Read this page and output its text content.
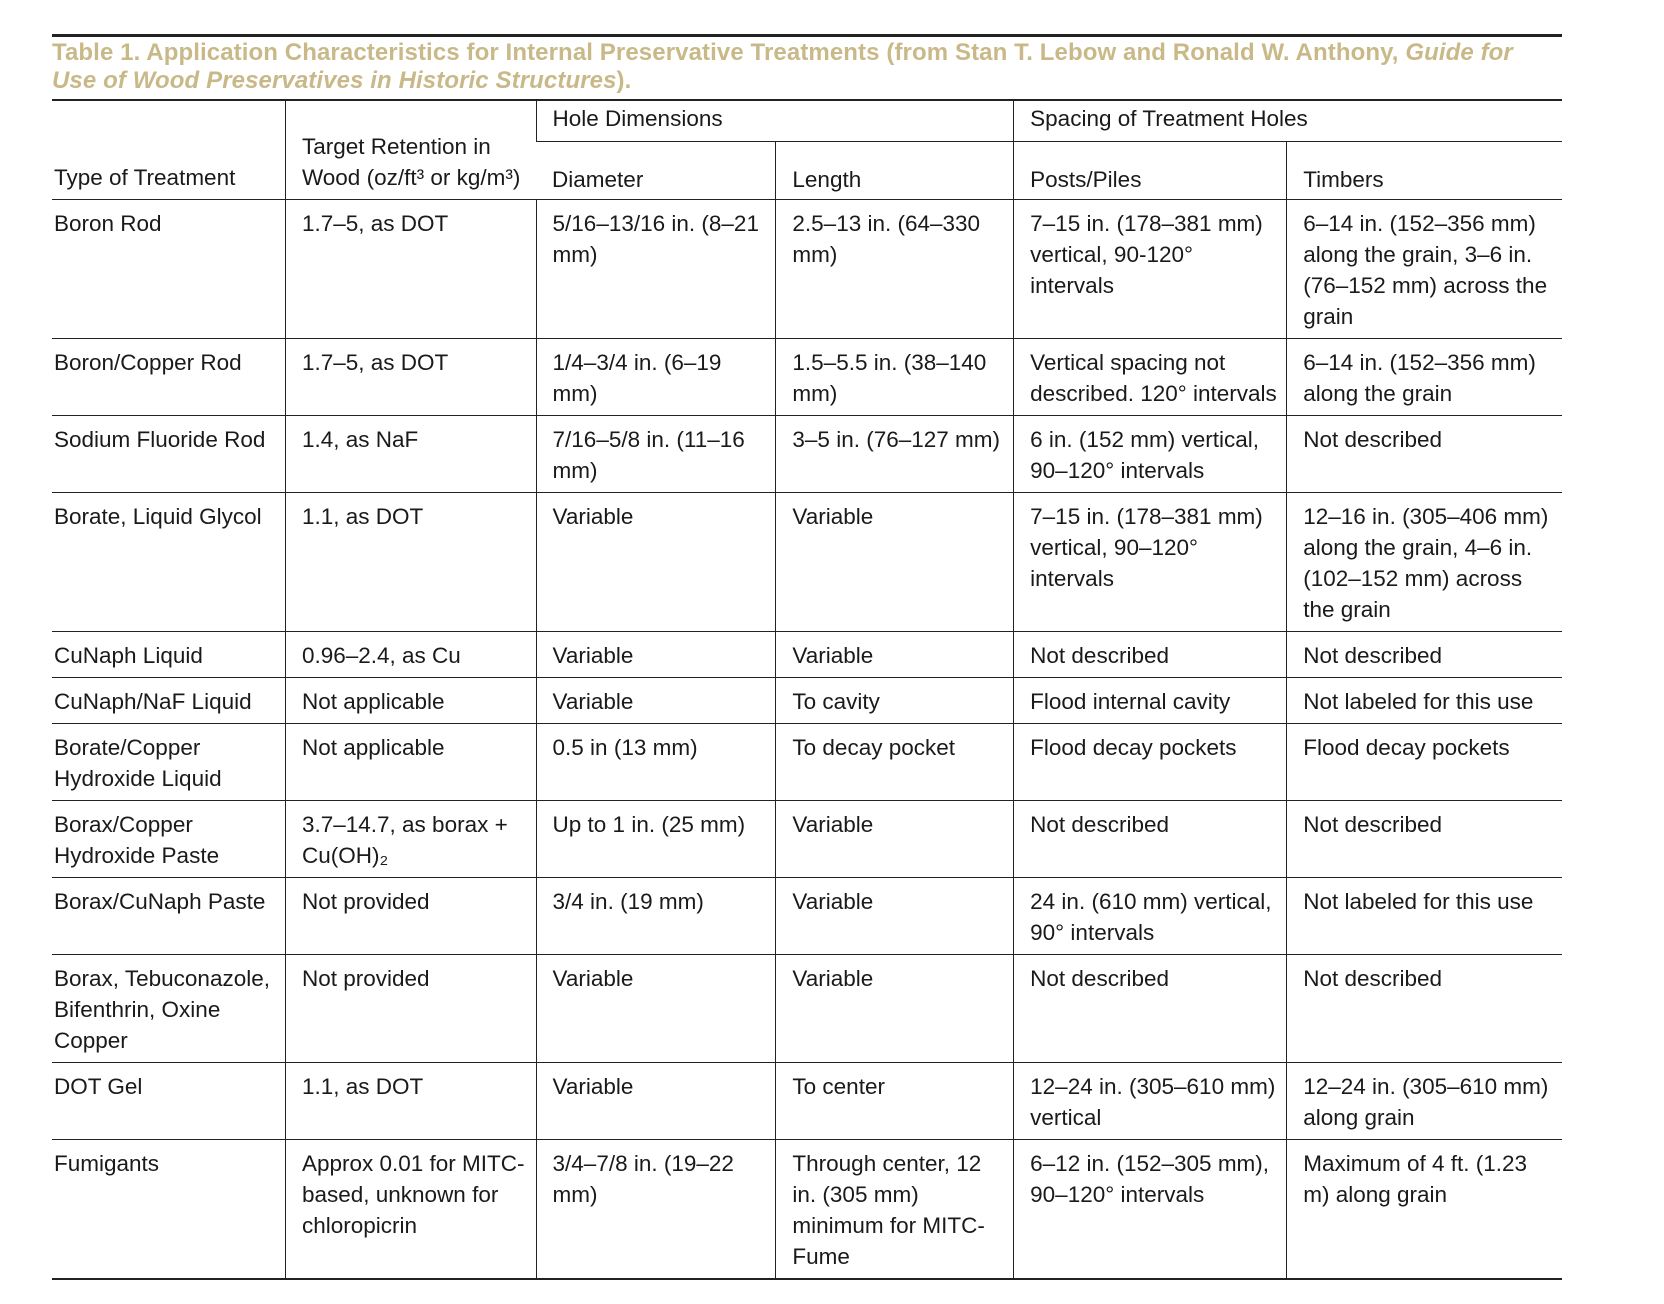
Table 1. Application Characteristics for Internal Preservative Treatments (from Stan T. Lebow and Ronald W. Anthony, Guide for Use of Wood Preservatives in Historic Structures).
Type of Treatment	Target Retention in Wood (oz/ft³ or kg/m³)	Hole Dimensions		Spacing of Treatment Holes	
		Diameter	Length	Posts/Piles	Timbers
Boron Rod	1.7–5, as DOT	5/16–13/16 in. (8–21 mm)	2.5–13 in. (64–330 mm)	7–15 in. (178–381 mm) vertical, 90-120° intervals	6–14 in. (152–356 mm) along the grain, 3–6 in. (76–152 mm) across the grain
Boron/Copper Rod	1.7–5, as DOT	1/4–3/4 in. (6–19 mm)	1.5–5.5 in. (38–140 mm)	Vertical spacing not described. 120° intervals	6–14 in. (152–356 mm) along the grain
Sodium Fluoride Rod	1.4, as NaF	7/16–5/8 in. (11–16 mm)	3–5 in. (76–127 mm)	6 in. (152 mm) vertical, 90–120° intervals	Not described
Borate, Liquid Glycol	1.1, as DOT	Variable	Variable	7–15 in. (178–381 mm) vertical, 90–120° intervals	12–16 in. (305–406 mm) along the grain, 4–6 in. (102–152 mm) across the grain
CuNaph Liquid	0.96–2.4, as Cu	Variable	Variable	Not described	Not described
CuNaph/NaF Liquid	Not applicable	Variable	To cavity	Flood internal cavity	Not labeled for this use
Borate/Copper Hydroxide Liquid	Not applicable	0.5 in (13 mm)	To decay pocket	Flood decay pockets	Flood decay pockets
Borax/Copper Hydroxide Paste	3.7–14.7, as borax + Cu(OH)₂	Up to 1 in. (25 mm)	Variable	Not described	Not described
Borax/CuNaph Paste	Not provided	3/4 in. (19 mm)	Variable	24 in. (610 mm) vertical, 90° intervals	Not labeled for this use
Borax, Tebuconazole, Bifenthrin, Oxine Copper	Not provided	Variable	Variable	Not described	Not described
DOT Gel	1.1, as DOT	Variable	To center	12–24 in. (305–610 mm) vertical	12–24 in. (305–610 mm) along grain
Fumigants	Approx 0.01 for MITC-based, unknown for chloropicrin	3/4–7/8 in. (19–22 mm)	Through center, 12 in. (305 mm) minimum for MITC-Fume	6–12 in. (152–305 mm), 90–120° intervals	Maximum of 4 ft. (1.23 m) along grain
